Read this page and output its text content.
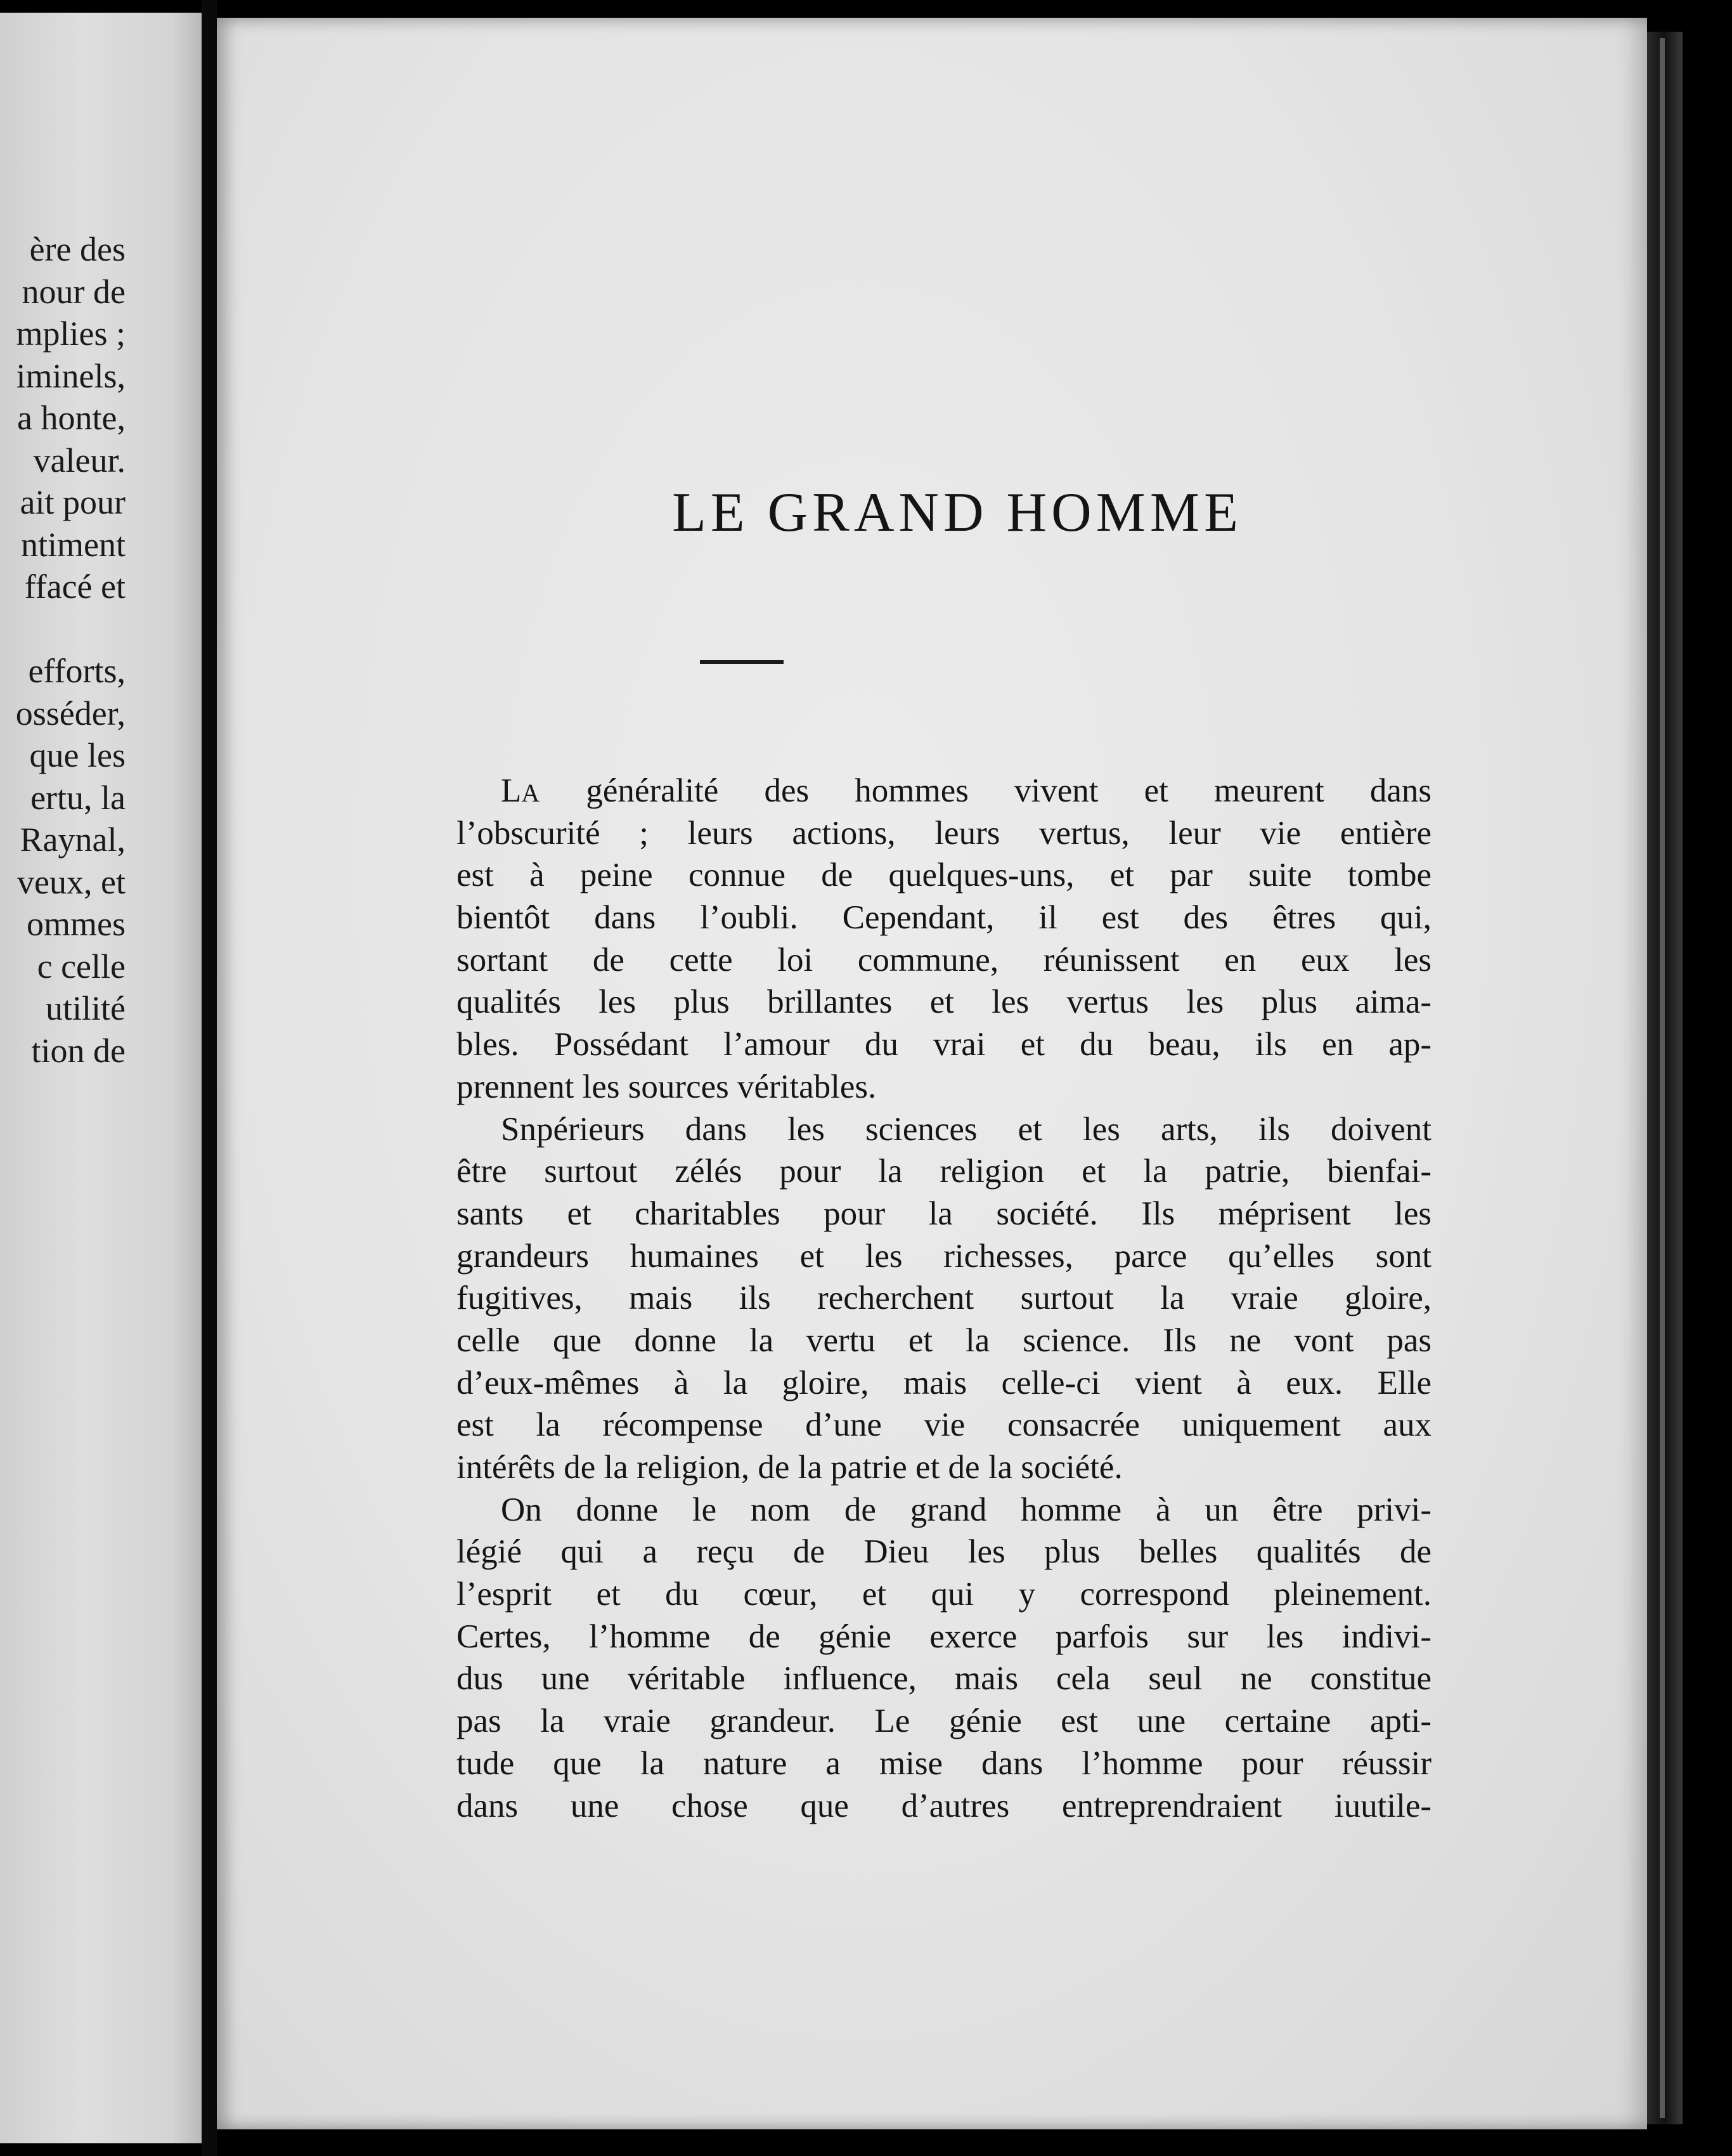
ère des
nour de
mplies ;
iminels,
a honte,
valeur.
ait pour
ntiment
ffacé et
efforts,
osséder,
que les
ertu, la
Raynal,
veux, et
ommes
c celle
utilité
tion de
LE GRAND HOMME
LA généralité des hommes vivent et meurent dans
l’obscurité ; leurs actions, leurs vertus, leur vie entière
est à peine connue de quelques-uns, et par suite tombe
bientôt dans l’oubli. Cependant, il est des êtres qui,
sortant de cette loi commune, réunissent en eux les
qualités les plus brillantes et les vertus les plus aima-
bles. Possédant l’amour du vrai et du beau, ils en ap-
prennent les sources véritables.
Snpérieurs dans les sciences et les arts, ils doivent
être surtout zélés pour la religion et la patrie, bienfai-
sants et charitables pour la société. Ils méprisent les
grandeurs humaines et les richesses, parce qu’elles sont
fugitives, mais ils recherchent surtout la vraie gloire,
celle que donne la vertu et la science. Ils ne vont pas
d’eux-mêmes à la gloire, mais celle-ci vient à eux. Elle
est la récompense d’une vie consacrée uniquement aux
intérêts de la religion, de la patrie et de la société.
On donne le nom de grand homme à un être privi-
légié qui a reçu de Dieu les plus belles qualités de
l’esprit et du cœur, et qui y correspond pleinement.
Certes, l’homme de génie exerce parfois sur les indivi-
dus une véritable influence, mais cela seul ne constitue
pas la vraie grandeur. Le génie est une certaine apti-
tude que la nature a mise dans l’homme pour réussir
dans une chose que d’autres entreprendraient iuutile-
